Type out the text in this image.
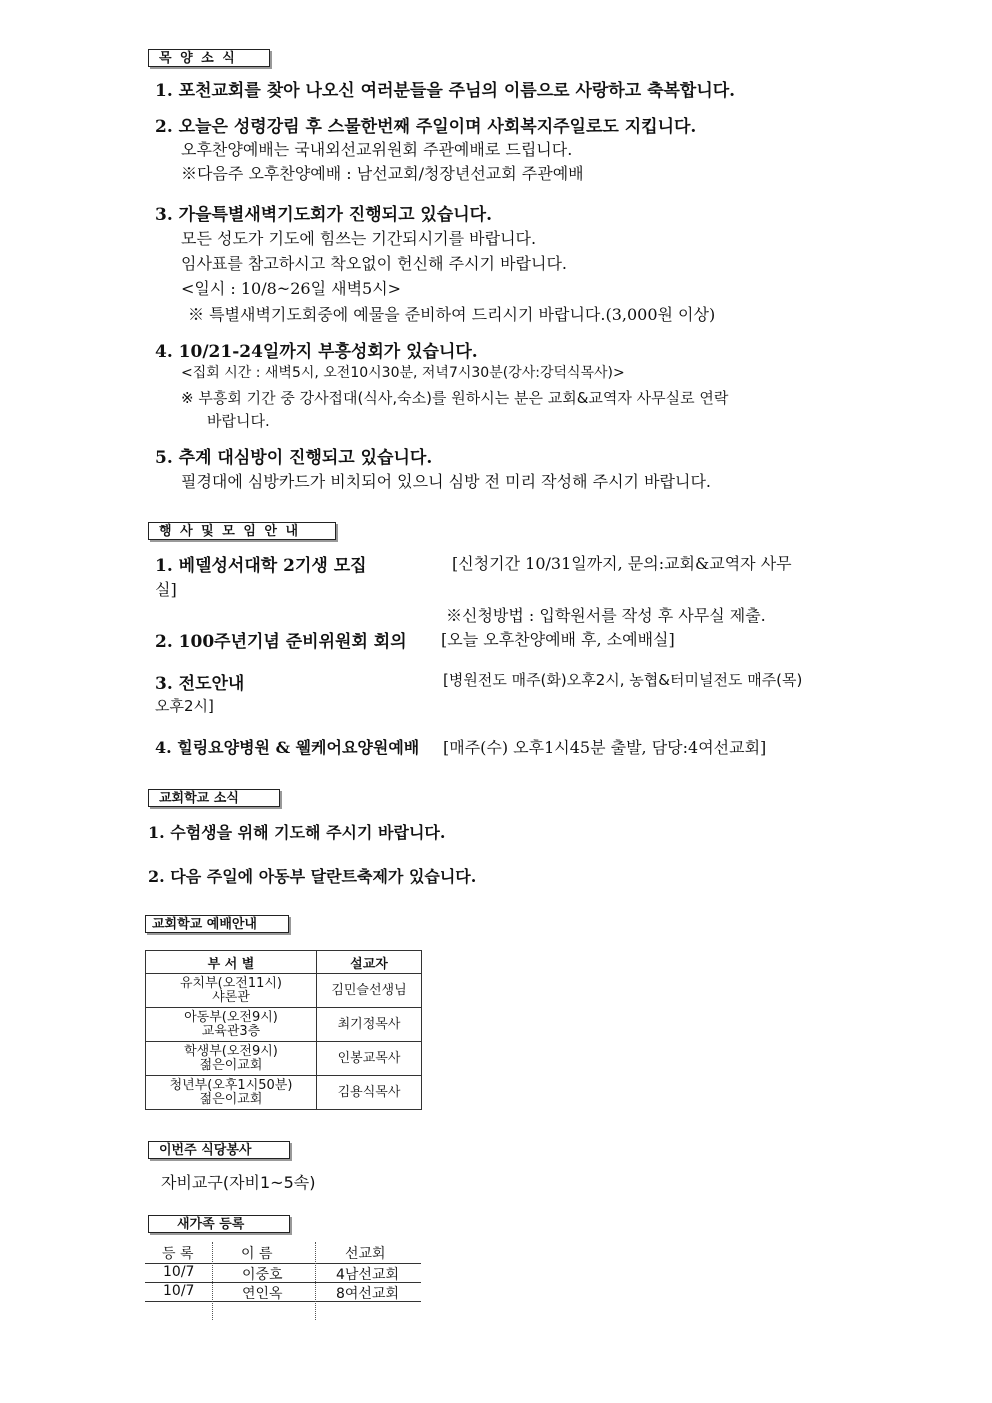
목 양 소 식
1. 포천교회를 찾아 나오신 여러분들을 주님의 이름으로 사랑하고 축복합니다.
2. 오늘은 성령강림 후 스물한번째 주일이며 사회복지주일로도 지킵니다.
오후찬양예배는 국내외선교위원회 주관예배로 드립니다.
※다음주 오후찬양예배 : 남선교회/청장년선교회 주관예배
3. 가을특별새벽기도회가 진행되고 있습니다.
모든 성도가 기도에 힘쓰는 기간되시기를 바랍니다.
임사표를 참고하시고 착오없이 헌신해 주시기 바랍니다.
<일시 : 10/8~26일 새벽5시>
※ 특별새벽기도회중에 예물을 준비하여 드리시기 바랍니다.(3,000원 이상)
4. 10/21-24일까지 부흥성회가 있습니다.
<집회 시간 : 새벽5시, 오전10시30분, 저녁7시30분(강사:강덕식목사)>
※ 부흥회 기간 중 강사접대(식사,숙소)를 원하시는 분은 교회&교역자 사무실로 연락
바랍니다.
5. 추계 대심방이 진행되고 있습니다.
필경대에 심방카드가 비치되어 있으니 심방 전 미리 작성해 주시기 바랍니다.
행 사 및 모 임 안 내
1. 베델성서대학 2기생 모집	[신청기간 10/31일까지, 문의:교회&교역자 사무
실]
※신청방법 : 입학원서를 작성 후 사무실 제출.
2. 100주년기념 준비위원회 회의 [오늘 오후찬양예배 후, 소예배실]
3. 전도안내	[병원전도 매주(화)오후2시, 농협&터미널전도 매주(목)
오후2시]
4. 힐링요양병원 & 웰케어요양원예배 [매주(수) 오후1시45분 출발, 담당:4여선교회]
교회학교 소식
1. 수험생을 위해 기도해 주시기 바랍니다.
2. 다음 주일에 아동부 달란트축제가 있습니다.
교회학교 예배안내
부 서 별	설교자

유치부(오전11시)
샤론관	김민슬선생님

아동부(오전9시)
교육관3층	최기정목사

학생부(오전9시)
젊은이교회	인봉교목사

청년부(오후1시50분)
젊은이교회	김용식목사
이번주 식당봉사
자비교구(자비1~5속)
새가족 등록
등 록	이 름	선교회
10/7	이중호	4남선교회
10/7	연인옥	8여선교회
